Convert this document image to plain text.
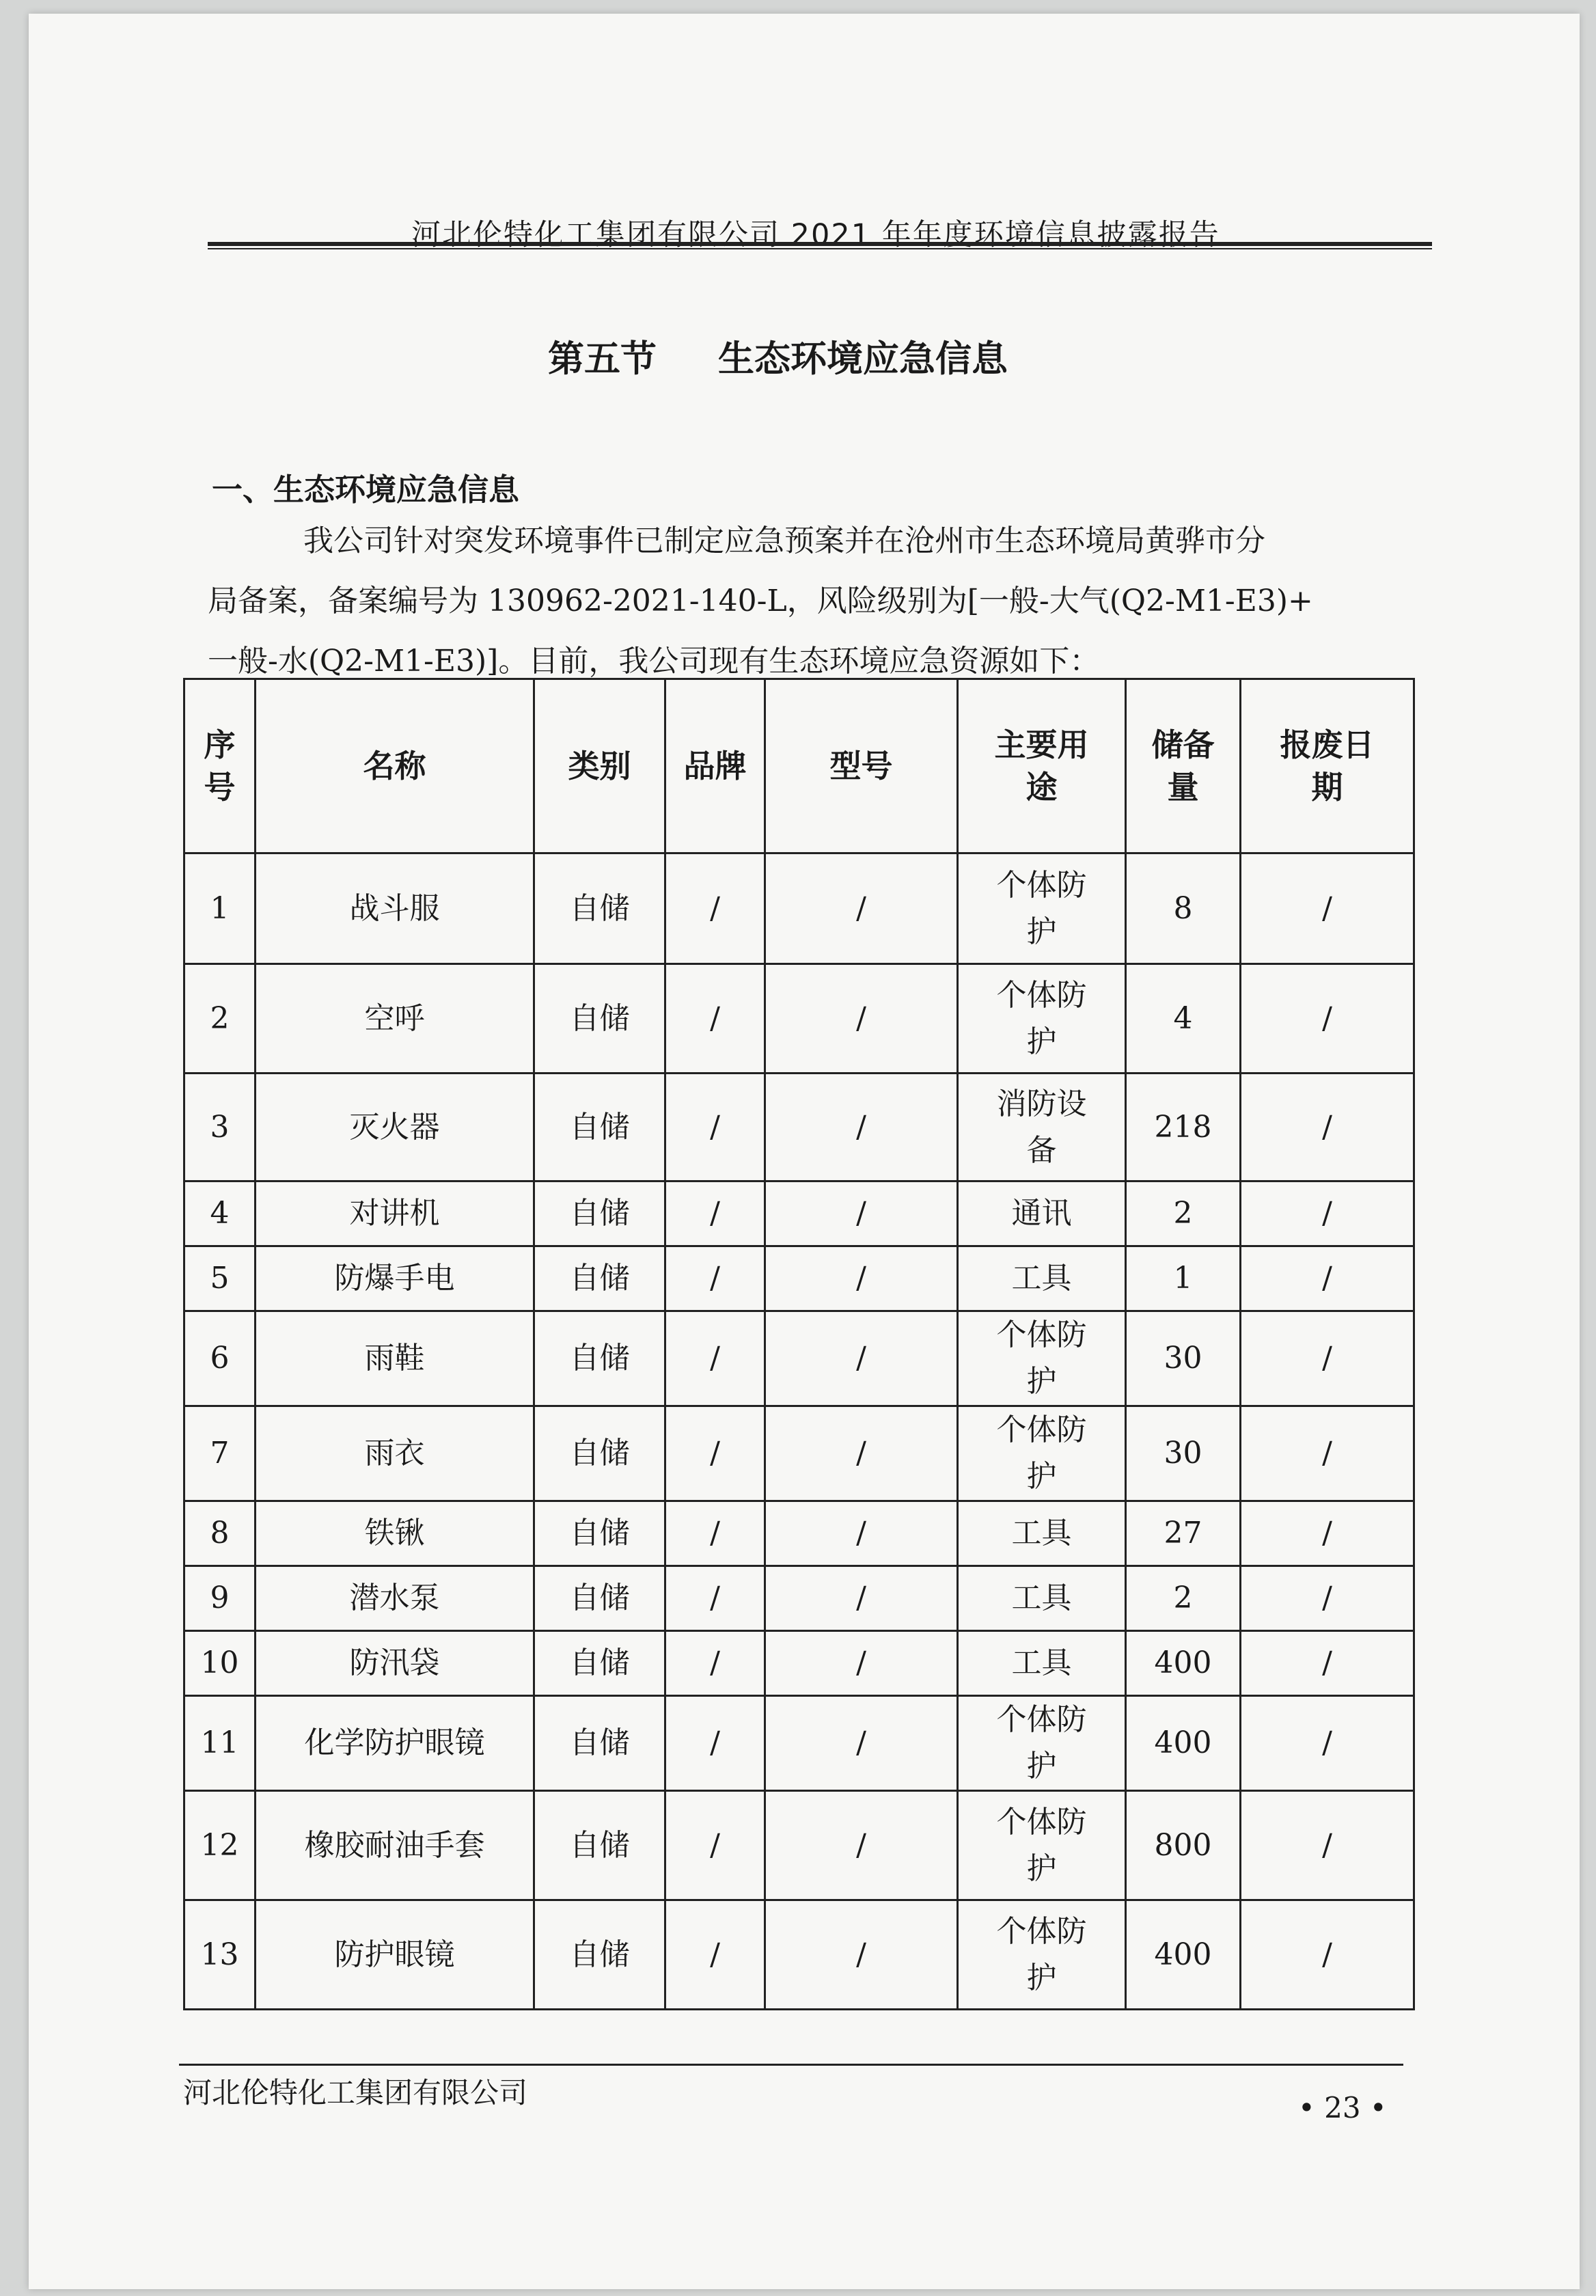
河北伦特化工集团有限公司 2021 年年度环境信息披露报告
第五节 生态环境应急信息
一、生态环境应急信息
我公司针对突发环境事件已制定应急预案并在沧州市生态环境局黄骅市分
局备案，备案编号为 130962-2021-140-L，风险级别为[一般-大气(Q2-M1-E3)+
一般-水(Q2-M1-E3)]。目前，我公司现有生态环境应急资源如下：
序号	名称	类别	品牌	型号	主要用途	储备量	报废日期
1	战斗服	自储	/	/	个体防护	8	/
2	空呼	自储	/	/	个体防护	4	/
3	灭火器	自储	/	/	消防设备	218	/
4	对讲机	自储	/	/	通讯	2	/
5	防爆手电	自储	/	/	工具	1	/
6	雨鞋	自储	/	/	个体防护	30	/
7	雨衣	自储	/	/	个体防护	30	/
8	铁锹	自储	/	/	工具	27	/
9	潜水泵	自储	/	/	工具	2	/
10	防汛袋	自储	/	/	工具	400	/
11	化学防护眼镜	自储	/	/	个体防护	400	/
12	橡胶耐油手套	自储	/	/	个体防护	800	/
13	防护眼镜	自储	/	/	个体防护	400	/
河北伦特化工集团有限公司	• 23 •
